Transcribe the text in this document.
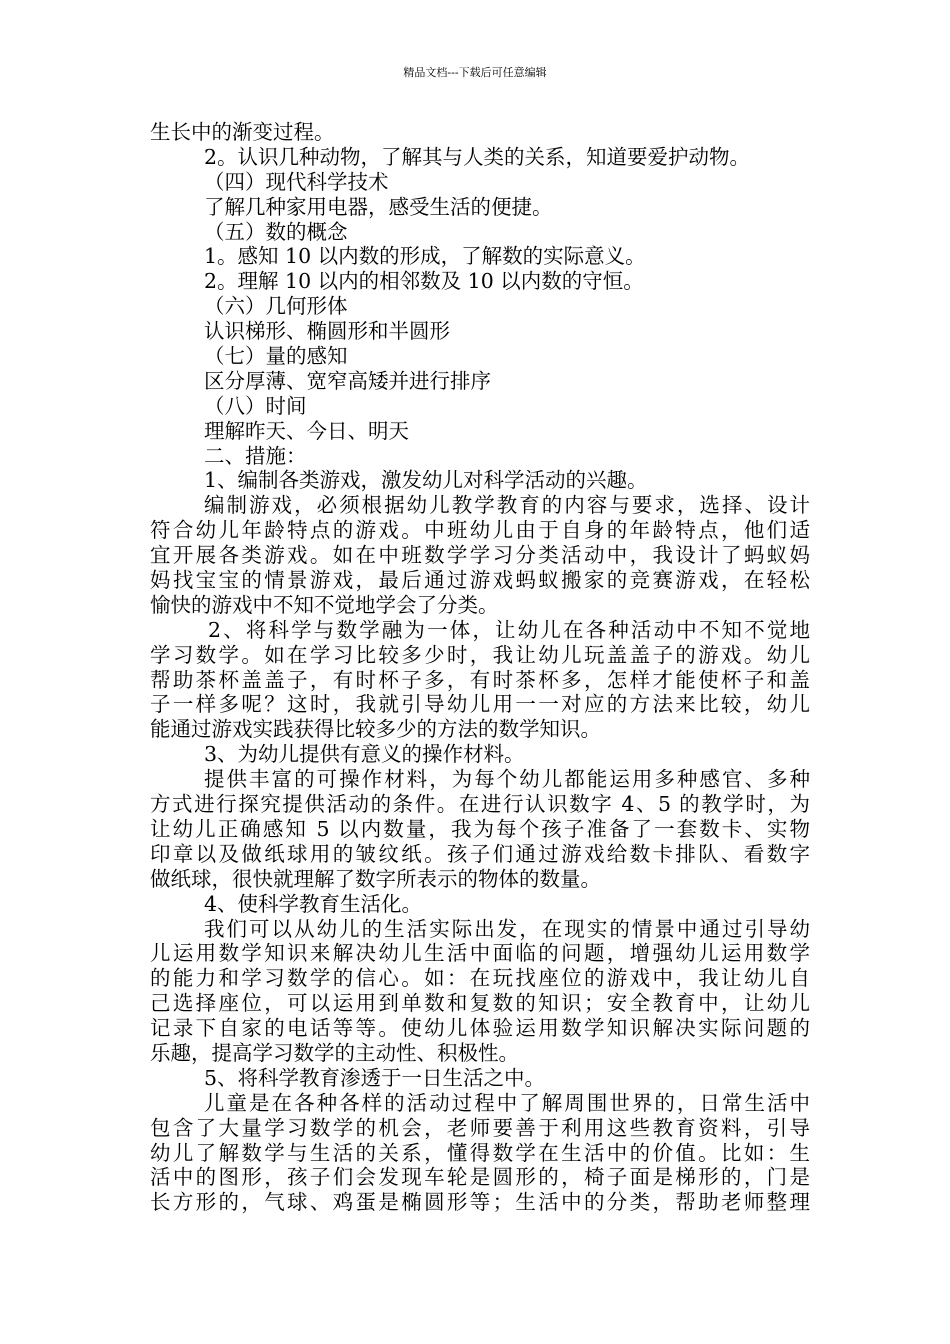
精品文档---下载后可任意编辑
生长中的渐变过程。
2。认识几种动物，了解其与人类的关系，知道要爱护动物。
（四）现代科学技术
了解几种家用电器，感受生活的便捷。
（五）数的概念
1。感知 10 以内数的形成，了解数的实际意义。
2。理解 10 以内的相邻数及 10 以内数的守恒。
（六）几何形体
认识梯形、椭圆形和半圆形
（七）量的感知
区分厚薄、宽窄高矮并进行排序
（八）时间
理解昨天、今日、明天
二、措施：
1、编制各类游戏，激发幼儿对科学活动的兴趣。
编制游戏，必须根据幼儿教学教育的内容与要求，选择、设计
符合幼儿年龄特点的游戏。中班幼儿由于自身的年龄特点，他们适
宜开展各类游戏。如在中班数学学习分类活动中，我设计了蚂蚁妈
妈找宝宝的情景游戏，最后通过游戏蚂蚁搬家的竞赛游戏，在轻松
愉快的游戏中不知不觉地学会了分类。
2、将科学与数学融为一体，让幼儿在各种活动中不知不觉地
学习数学。如在学习比较多少时，我让幼儿玩盖盖子的游戏。幼儿
帮助茶杯盖盖子，有时杯子多，有时茶杯多，怎样才能使杯子和盖
子一样多呢？这时，我就引导幼儿用一一对应的方法来比较，幼儿
能通过游戏实践获得比较多少的方法的数学知识。
3、为幼儿提供有意义的操作材料。
提供丰富的可操作材料，为每个幼儿都能运用多种感官、多种
方式进行探究提供活动的条件。在进行认识数字 4、5 的教学时，为
让幼儿正确感知 5 以内数量，我为每个孩子准备了一套数卡、实物
印章以及做纸球用的皱纹纸。孩子们通过游戏给数卡排队、看数字
做纸球，很快就理解了数字所表示的物体的数量。
4、使科学教育生活化。
我们可以从幼儿的生活实际出发，在现实的情景中通过引导幼
儿运用数学知识来解决幼儿生活中面临的问题，增强幼儿运用数学
的能力和学习数学的信心。如：在玩找座位的游戏中，我让幼儿自
己选择座位，可以运用到单数和复数的知识；安全教育中，让幼儿
记录下自家的电话等等。使幼儿体验运用数学知识解决实际问题的
乐趣，提高学习数学的主动性、积极性。
5、将科学教育渗透于一日生活之中。
儿童是在各种各样的活动过程中了解周围世界的，日常生活中
包含了大量学习数学的机会，老师要善于利用这些教育资料，引导
幼儿了解数学与生活的关系，懂得数学在生活中的价值。比如：生
活中的图形，孩子们会发现车轮是圆形的，椅子面是梯形的，门是
长方形的，气球、鸡蛋是椭圆形等；生活中的分类，帮助老师整理
